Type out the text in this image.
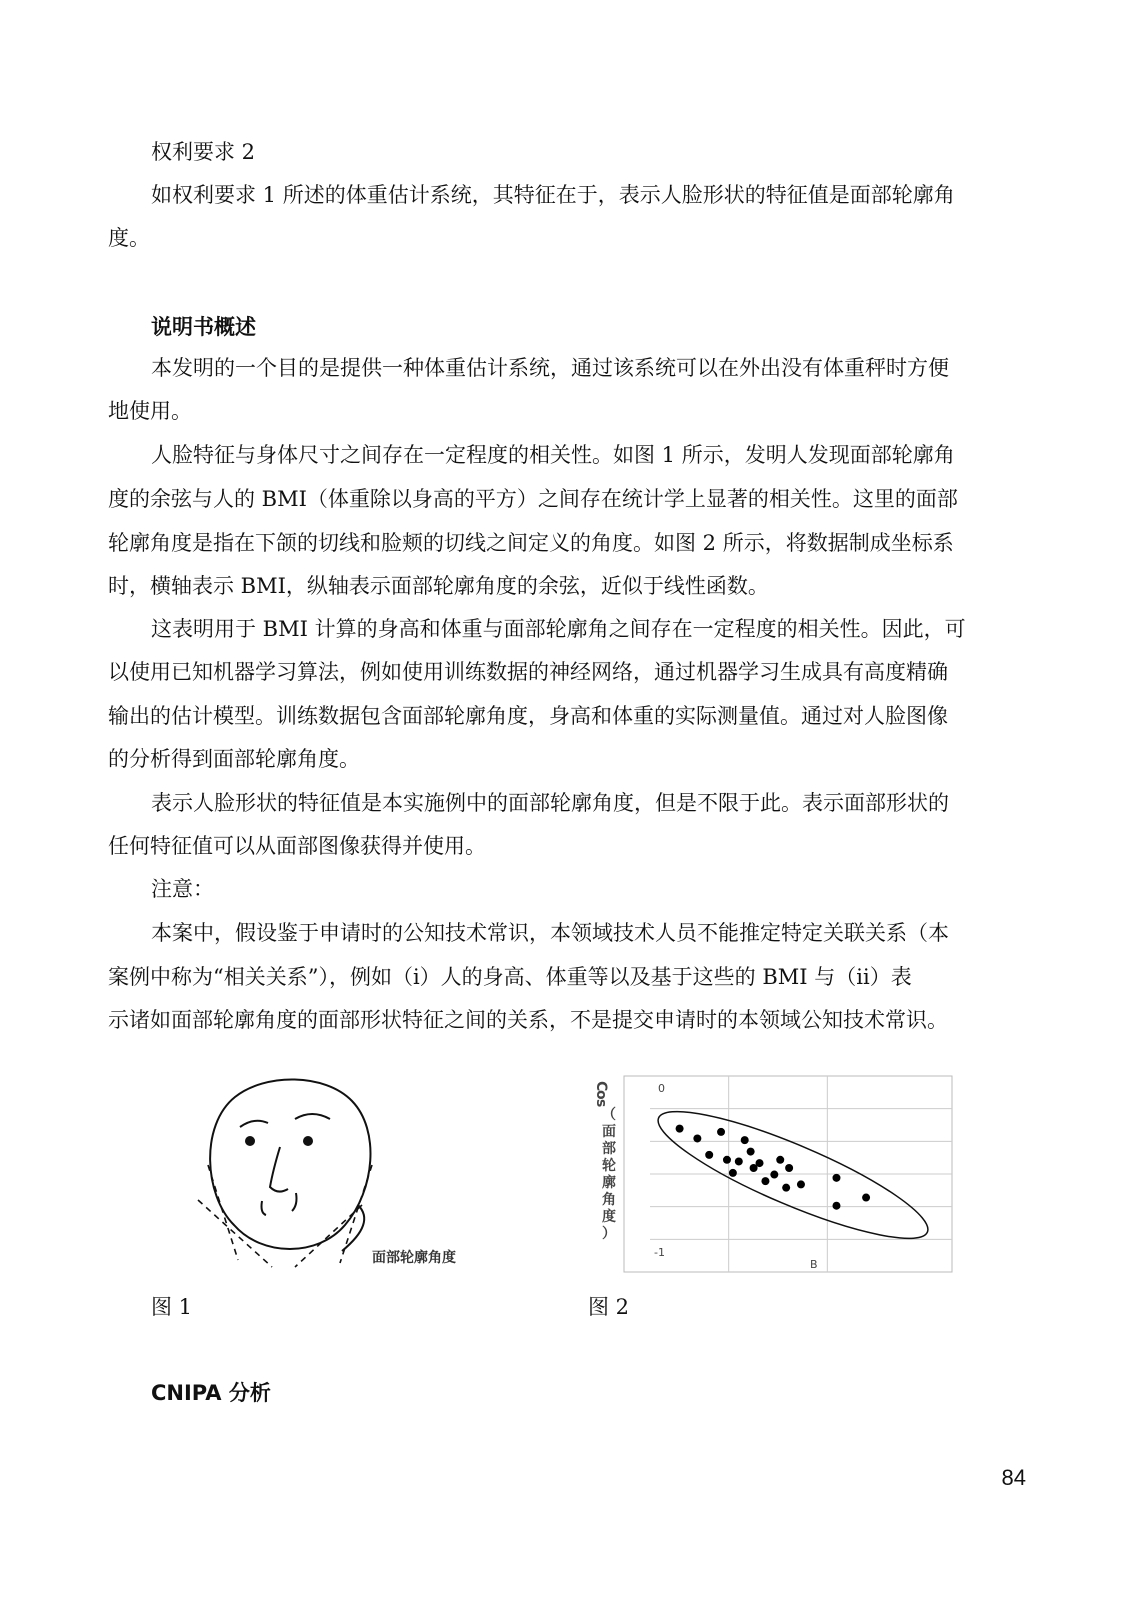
权利要求 2
如权利要求 1 所述的体重估计系统，其特征在于，表示人脸形状的特征值是面部轮廓角
度。
说明书概述
本发明的一个目的是提供一种体重估计系统，通过该系统可以在外出没有体重秤时方便
地使用。
人脸特征与身体尺寸之间存在一定程度的相关性。如图 1 所示，发明人发现面部轮廓角
度的余弦与人的 BMI（体重除以身高的平方）之间存在统计学上显著的相关性。这里的面部
轮廓角度是指在下颌的切线和脸颊的切线之间定义的角度。如图 2 所示，将数据制成坐标系
时，横轴表示 BMI，纵轴表示面部轮廓角度的余弦，近似于线性函数。
这表明用于 BMI 计算的身高和体重与面部轮廓角之间存在一定程度的相关性。因此，可
以使用已知机器学习算法，例如使用训练数据的神经网络，通过机器学习生成具有高度精确
输出的估计模型。训练数据包含面部轮廓角度，身高和体重的实际测量值。通过对人脸图像
的分析得到面部轮廓角度。
表示人脸形状的特征值是本实施例中的面部轮廓角度，但是不限于此。表示面部形状的
任何特征值可以从面部图像获得并使用。
注意：
本案中，假设鉴于申请时的公知技术常识，本领域技术人员不能推定特定关联关系（本
案例中称为“相关关系”），例如（i）人的身高、体重等以及基于这些的 BMI 与（ii）表
示诸如面部轮廓角度的面部形状特征之间的关系，不是提交申请时的本领域公知技术常识。
面部轮廓角度
C
o
s
（
面
部
轮
廓
角
度
）
0
-1
B
图 1	图 2
CNIPA 分析
84
